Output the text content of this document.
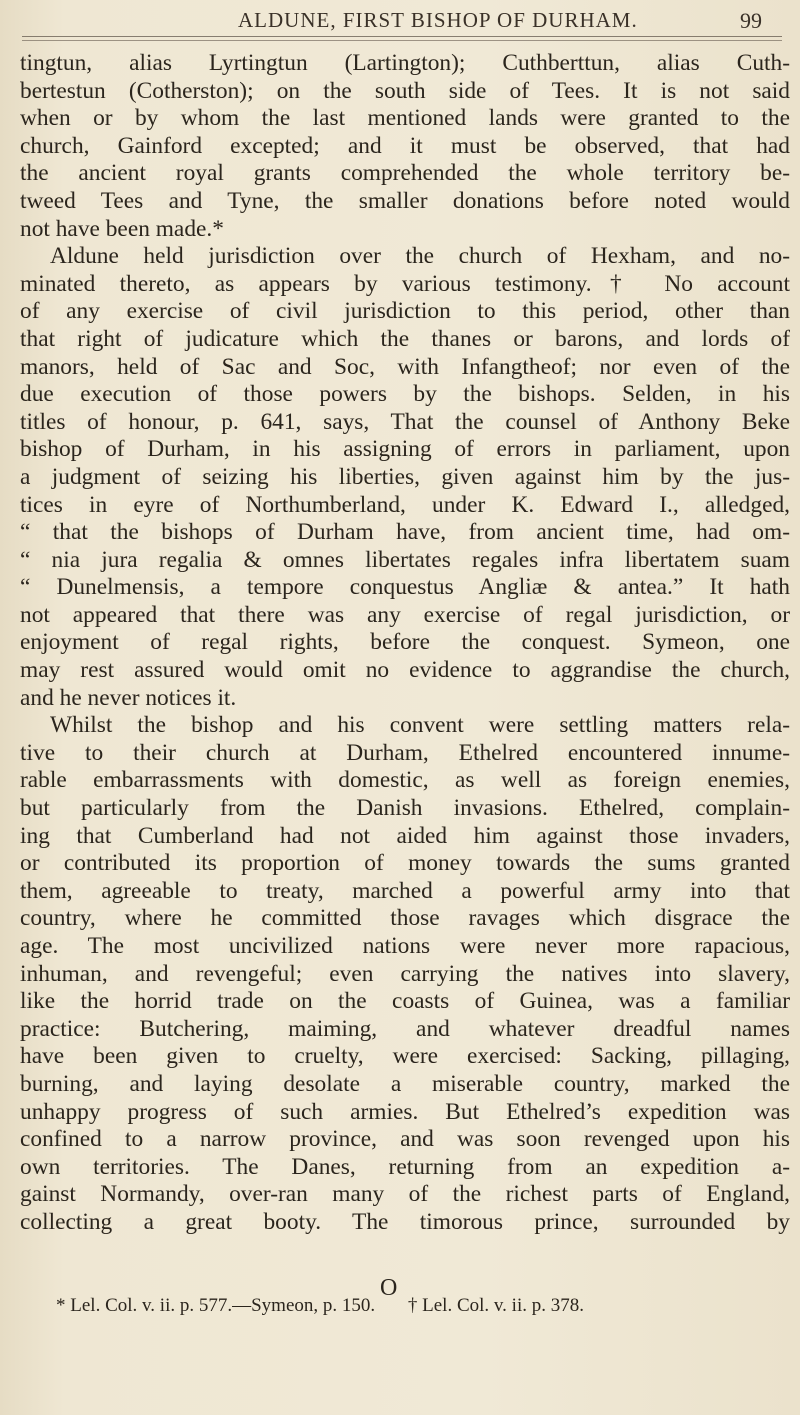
ALDUNE, FIRST BISHOP OF DURHAM.	99
tingtun, alias Lyrtingtun (Lartington); Cuthberttun, alias Cuth-
bertestun (Cotherston); on the south side of Tees. It is not said
when or by whom the last mentioned lands were granted to the
church, Gainford excepted; and it must be observed, that had
the ancient royal grants comprehended the whole territory be-
tweed Tees and Tyne, the smaller donations before noted would
not have been made.*
Aldune held jurisdiction over the church of Hexham, and no-
minated thereto, as appears by various testimony.† No account
of any exercise of civil jurisdiction to this period, other than
that right of judicature which the thanes or barons, and lords of
manors, held of Sac and Soc, with Infangtheof; nor even of the
due execution of those powers by the bishops. Selden, in his
titles of honour, p. 641, says, That the counsel of Anthony Beke
bishop of Durham, in his assigning of errors in parliament, upon
a judgment of seizing his liberties, given against him by the jus-
tices in eyre of Northumberland, under K. Edward I., alledged,
“ that the bishops of Durham have, from ancient time, had om-
“ nia jura regalia & omnes libertates regales infra libertatem suam
“ Dunelmensis, a tempore conquestus Angliæ & antea.” It hath
not appeared that there was any exercise of regal jurisdiction, or
enjoyment of regal rights, before the conquest. Symeon, one
may rest assured would omit no evidence to aggrandise the church,
and he never notices it.
Whilst the bishop and his convent were settling matters rela-
tive to their church at Durham, Ethelred encountered innume-
rable embarrassments with domestic, as well as foreign enemies,
but particularly from the Danish invasions. Ethelred, complain-
ing that Cumberland had not aided him against those invaders,
or contributed its proportion of money towards the sums granted
them, agreeable to treaty, marched a powerful army into that
country, where he committed those ravages which disgrace the
age. The most uncivilized nations were never more rapacious,
inhuman, and revengeful; even carrying the natives into slavery,
like the horrid trade on the coasts of Guinea, was a familiar
practice: Butchering, maiming, and whatever dreadful names
have been given to cruelty, were exercised: Sacking, pillaging,
burning, and laying desolate a miserable country, marked the
unhappy progress of such armies. But Ethelred’s expedition was
confined to a narrow province, and was soon revenged upon his
own territories. The Danes, returning from an expedition a-
gainst Normandy, over-ran many of the richest parts of England,
collecting a great booty. The timorous prince, surrounded by
O
* Lel. Col. v. ii. p. 577.—Symeon, p. 150. † Lel. Col. v. ii. p. 378.
